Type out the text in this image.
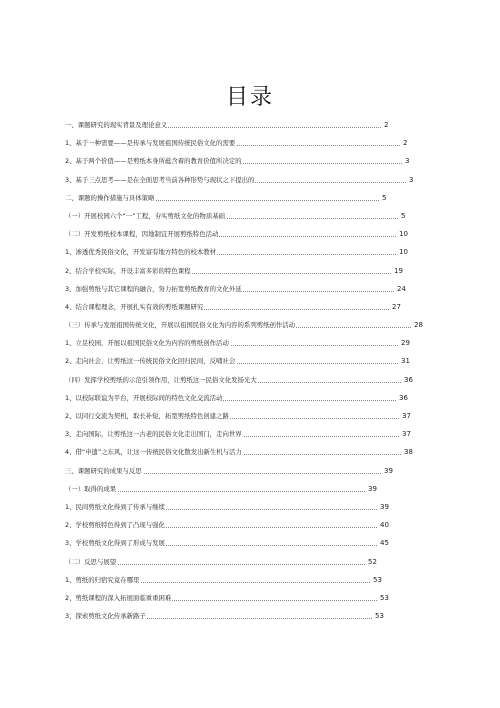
目录
一、课题研究的现实背景及理论意义	2
1、基于一种需要——是传承与发展祖国传统民俗文化的需要	2
2、基于两个价值——是剪纸本身所蕴含着的教育价值所决定的	3
3、基于三点思考——是在全面思考当前各种形势与现状之下提出的	3
二、课题的操作措施与具体策略	5
（一）开展校园六个“一”工程，夯实剪纸文化的物质基础	5
（二）开发剪纸校本课程，因地制宜开展剪纸特色活动	10
1、渗透优秀民俗文化，开发富有地方特色的校本教材	10
2、结合学校实际，开设丰富多彩的特色课程	19
3、加强剪纸与其它课程的融合，努力拓宽剪纸教育的文化外延	24
4、结合课程理念，开展扎实有效的剪纸课题研究	27
（三）传承与发展祖国传统文化，开展以祖国民俗文化为内容的系列剪纸创作活动	28
1、立足校园，开展以祖国民俗文化为内容的剪纸创作活动	29
2、走向社会，让剪纸这一传统民俗文化回归民间，反哺社会	31
（四）发挥学校剪纸的示范引领作用，让剪纸这一民俗文化发扬光大	36
1、以校际联谊为平台，开展校际间的特色文化交流活动	36
2、以同行交流为契机，取长补短，拓宽剪纸特色创建之路	37
3、走向国际，让剪纸这一古老的民俗文化走出国门，走向世界	37
4、借“申遗”之东风，让这一传统民俗文化散发出新生机与活力	38
三、课题研究的成果与反思	39
（一）取得的成果	39
1、民间剪纸文化得到了传承与继续	39
2、学校剪纸特色得到了凸现与强化	40
3、学校剪纸文化得到了形成与发展	45
（二）反思与展望	52
1、剪纸的归宿究竟在哪里	53
2、剪纸课程的深入拓展面临重重困难	53
3、探索剪纸文化传承新路子	53
